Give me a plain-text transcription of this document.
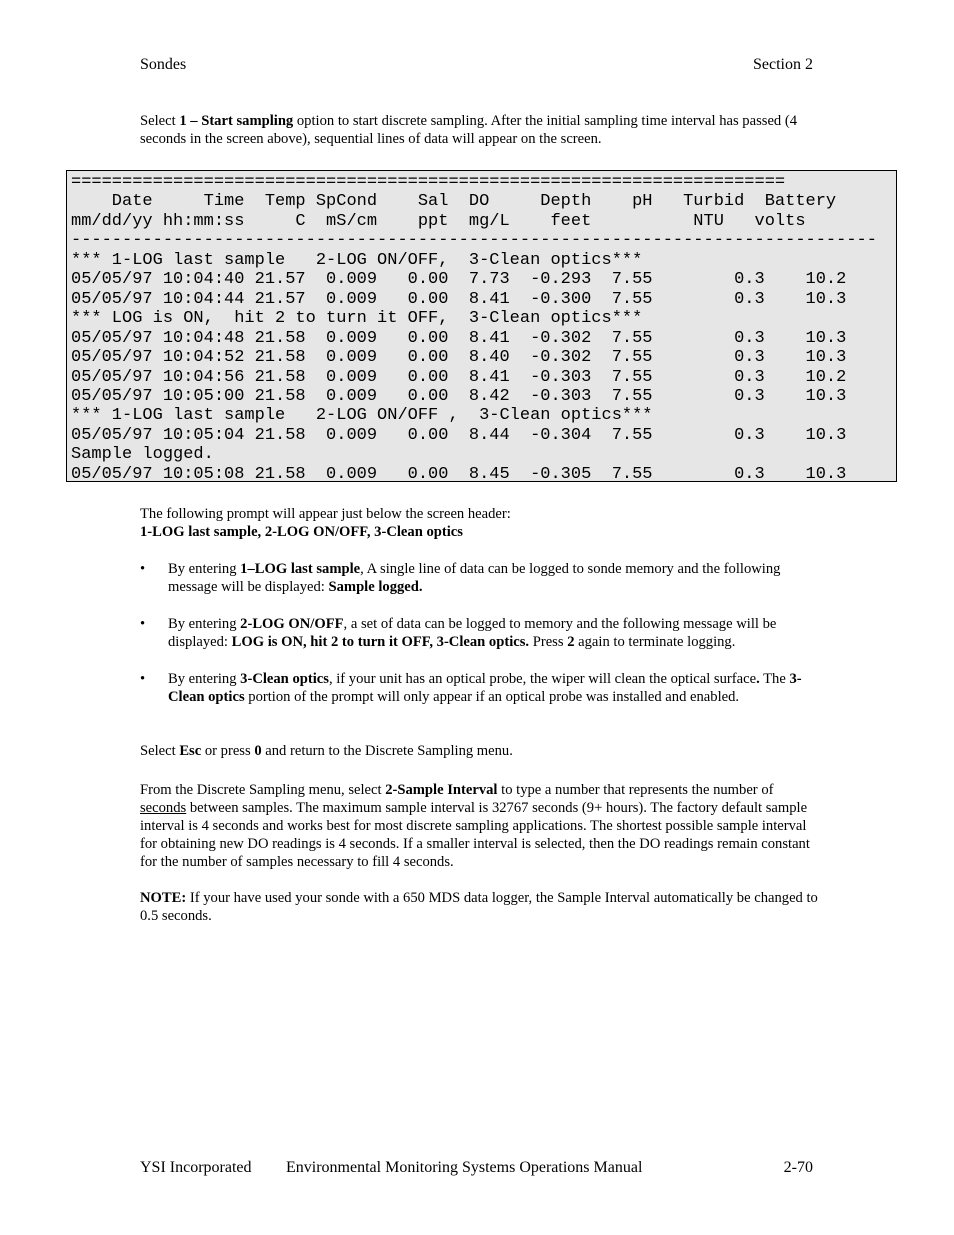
Sondes	Section 2

Select 1 – Start sampling option to start discrete sampling. After the initial sampling time interval has passed (4 seconds in the screen above), sequential lines of data will appear on the screen.

======================================================================
Date     Time  Temp SpCond    Sal  DO     Depth    pH   Turbid  Battery
mm/dd/yy hh:mm:ss     C  mS/cm    ppt  mg/L    feet          NTU   volts
-------------------------------------------------------------------------------
*** 1-LOG last sample   2-LOG ON/OFF,  3-Clean optics***
05/05/97 10:04:40 21.57  0.009   0.00  7.73  -0.293  7.55        0.3    10.2
05/05/97 10:04:44 21.57  0.009   0.00  8.41  -0.300  7.55        0.3    10.3
*** LOG is ON,  hit 2 to turn it OFF,  3-Clean optics***
05/05/97 10:04:48 21.58  0.009   0.00  8.41  -0.302  7.55        0.3    10.3
05/05/97 10:04:52 21.58  0.009   0.00  8.40  -0.302  7.55        0.3    10.3
05/05/97 10:04:56 21.58  0.009   0.00  8.41  -0.303  7.55        0.3    10.2
05/05/97 10:05:00 21.58  0.009   0.00  8.42  -0.303  7.55        0.3    10.3
*** 1-LOG last sample   2-LOG ON/OFF ,  3-Clean optics***
05/05/97 10:05:04 21.58  0.009   0.00  8.44  -0.304  7.55        0.3    10.3
Sample logged.
05/05/97 10:05:08 21.58  0.009   0.00  8.45  -0.305  7.55        0.3    10.3

The following prompt will appear just below the screen header:

1-LOG last sample, 2-LOG ON/OFF, 3-Clean optics

• By entering 1–LOG last sample, A single line of data can be logged to sonde memory and the following message will be displayed: Sample logged.

• By entering 2-LOG ON/OFF, a set of data can be logged to memory and the following message will be displayed: LOG is ON, hit 2 to turn it OFF, 3-Clean optics. Press 2 again to terminate logging.

• By entering 3-Clean optics, if your unit has an optical probe, the wiper will clean the optical surface. The 3-Clean optics portion of the prompt will only appear if an optical probe was installed and enabled.

Select Esc or press 0 and return to the Discrete Sampling menu.

From the Discrete Sampling menu, select 2-Sample Interval to type a number that represents the number of seconds between samples. The maximum sample interval is 32767 seconds (9+ hours). The factory default sample interval is 4 seconds and works best for most discrete sampling applications. The shortest possible sample interval for obtaining new DO readings is 4 seconds. If a smaller interval is selected, then the DO readings remain constant for the number of samples necessary to fill 4 seconds.

NOTE: If your have used your sonde with a 650 MDS data logger, the Sample Interval automatically be changed to 0.5 seconds.

YSI Incorporated Environmental Monitoring Systems Operations Manual	2-70
